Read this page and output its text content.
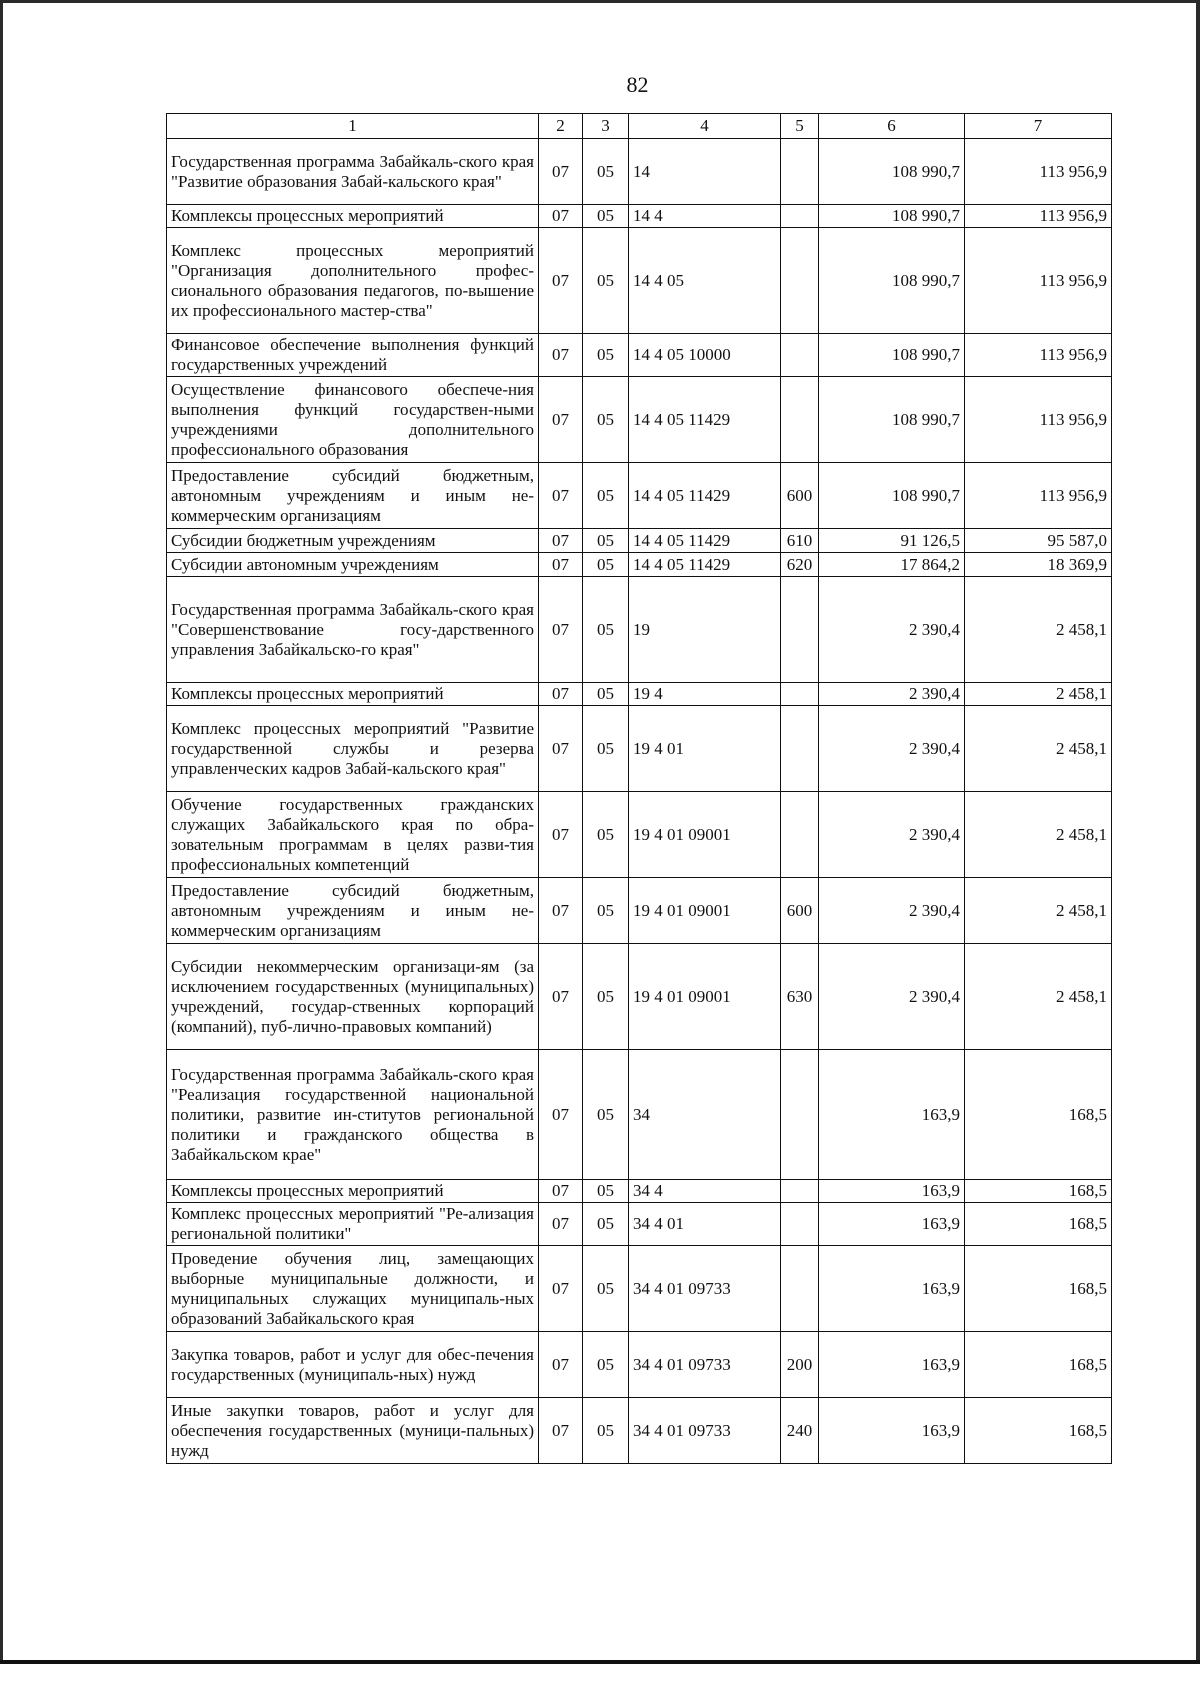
82
1	2	3	4	5	6	7
Государственная программа Забайкаль-ского края "Развитие образования Забай-кальского края"	07	05	14		108 990,7	113 956,9
Комплексы процессных мероприятий	07	05	14 4		108 990,7	113 956,9
Комплекс процессных мероприятий "Организация дополнительного профес-сионального образования педагогов, по-вышение их профессионального мастер-ства"	07	05	14 4 05		108 990,7	113 956,9
Финансовое обеспечение выполнения функций государственных учреждений	07	05	14 4 05 10000		108 990,7	113 956,9
Осуществление финансового обеспече-ния выполнения функций государствен-ными учреждениями дополнительного профессионального образования	07	05	14 4 05 11429		108 990,7	113 956,9
Предоставление субсидий бюджетным, автономным учреждениям и иным не-коммерческим организациям	07	05	14 4 05 11429	600	108 990,7	113 956,9
Субсидии бюджетным учреждениям	07	05	14 4 05 11429	610	91 126,5	95 587,0
Субсидии автономным учреждениям	07	05	14 4 05 11429	620	17 864,2	18 369,9
Государственная программа Забайкаль-ского края "Совершенствование госу-дарственного управления Забайкальско-го края"	07	05	19		2 390,4	2 458,1
Комплексы процессных мероприятий	07	05	19 4		2 390,4	2 458,1
Комплекс процессных мероприятий "Развитие государственной службы и резерва управленческих кадров Забай-кальского края"	07	05	19 4 01		2 390,4	2 458,1
Обучение государственных гражданских служащих Забайкальского края по обра-зовательным программам в целях разви-тия профессиональных компетенций	07	05	19 4 01 09001		2 390,4	2 458,1
Предоставление субсидий бюджетным, автономным учреждениям и иным не-коммерческим организациям	07	05	19 4 01 09001	600	2 390,4	2 458,1
Субсидии некоммерческим организаци-ям (за исключением государственных (муниципальных) учреждений, государ-ственных корпораций (компаний), пуб-лично-правовых компаний)	07	05	19 4 01 09001	630	2 390,4	2 458,1
Государственная программа Забайкаль-ского края "Реализация государственной национальной политики, развитие ин-ститутов региональной политики и гражданского общества в Забайкальском крае"	07	05	34		163,9	168,5
Комплексы процессных мероприятий	07	05	34 4		163,9	168,5
Комплекс процессных мероприятий "Ре-ализация региональной политики"	07	05	34 4 01		163,9	168,5
Проведение обучения лиц, замещающих выборные муниципальные должности, и муниципальных служащих муниципаль-ных образований Забайкальского края	07	05	34 4 01 09733		163,9	168,5
Закупка товаров, работ и услуг для обес-печения государственных (муниципаль-ных) нужд	07	05	34 4 01 09733	200	163,9	168,5
Иные закупки товаров, работ и услуг для обеспечения государственных (муници-пальных) нужд	07	05	34 4 01 09733	240	163,9	168,5
